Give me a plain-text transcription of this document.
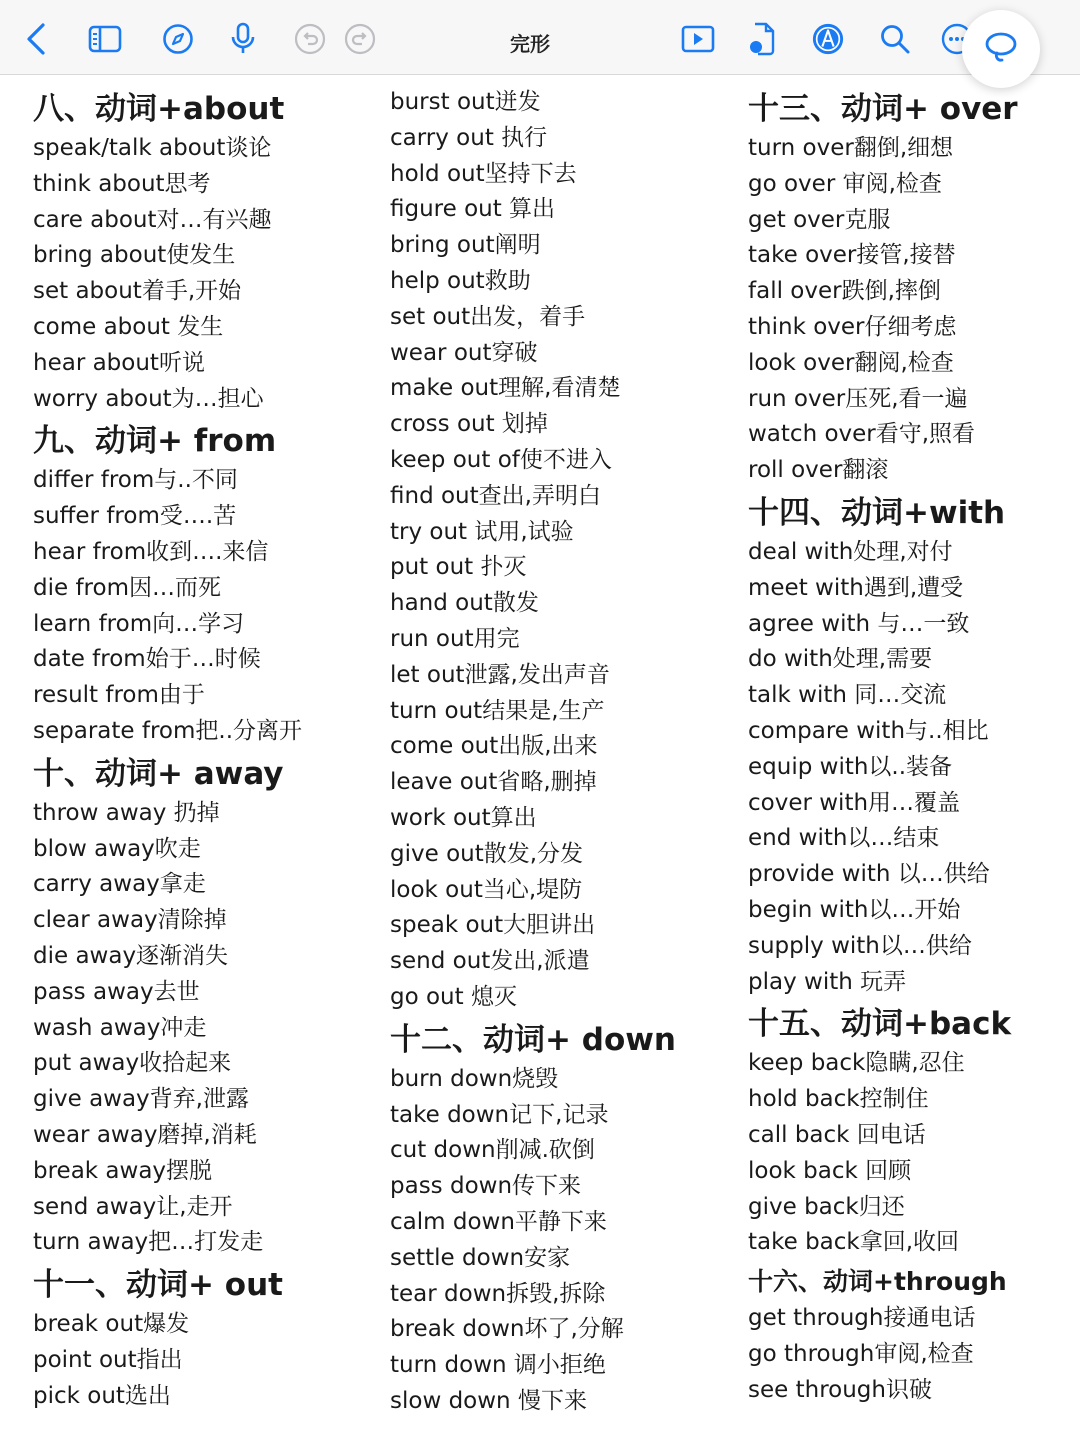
完形
八、动词+about
speak/talk about谈论
think about思考
care about对…有兴趣
bring about使发生
set about着手,开始
come about 发生
hear about听说
worry about为…担心
九、动词+ from
differ from与..不同
suffer from受….苦
hear from收到….来信
die from因…而死
learn from向…学习
date from始于…时候
result from由于
separate from把..分离开
十、动词+ away
throw away 扔掉
blow away吹走
carry away拿走
clear away清除掉
die away逐渐消失
pass away去世
wash away冲走
put away收拾起来
give away背弃,泄露
wear away磨掉,消耗
break away摆脱
send away让,走开
turn away把…打发走
十一、动词+ out
break out爆发
point out指出
pick out选出
burst out迸发
carry out 执行
hold out坚持下去
figure out 算出
bring out阐明
help out救助
set out出发，着手
wear out穿破
make out理解,看清楚
cross out 划掉
keep out of使不进入
find out查出,弄明白
try out 试用,试验
put out 扑灭
hand out散发
run out用完
let out泄露,发出声音
turn out结果是,生产
come out出版,出来
leave out省略,删掉
work out算出
give out散发,分发
look out当心,堤防
speak out大胆讲出
send out发出,派遣
go out 熄灭
十二、动词+ down
burn down烧毁
take down记下,记录
cut down削减.砍倒
pass down传下来
calm down平静下来
settle down安家
tear down拆毁,拆除
break down坏了,分解
turn down 调小拒绝
slow down 慢下来
十三、动词+ over
turn over翻倒,细想
go over 审阅,检查
get over克服
take over接管,接替
fall over跌倒,摔倒
think over仔细考虑
look over翻阅,检查
run over压死,看一遍
watch over看守,照看
roll over翻滚
十四、动词+with
deal with处理,对付
meet with遇到,遭受
agree with 与…一致
do with处理,需要
talk with 同…交流
compare with与..相比
equip with以..装备
cover with用…覆盖
end with以…结束
provide with 以…供给
begin with以…开始
supply with以…供给
play with 玩弄
十五、动词+back
keep back隐瞒,忍住
hold back控制住
call back 回电话
look back 回顾
give back归还
take back拿回,收回
十六、动词+through
get through接通电话
go through审阅,检查
see through识破
